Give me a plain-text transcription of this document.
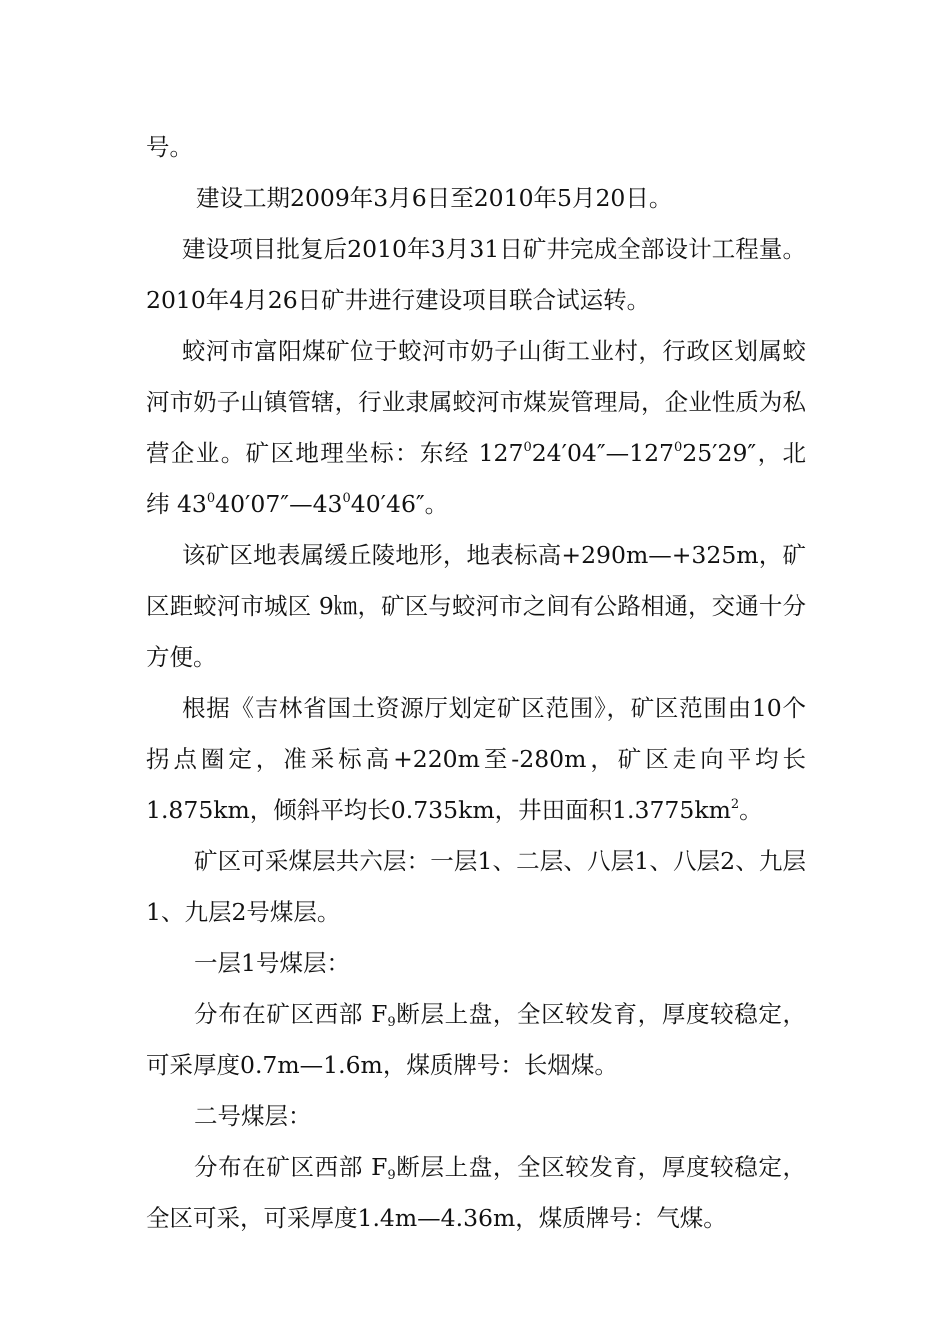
号。

建设工期2009年3月6日至2010年5月20日。

建设项目批复后2010年3月31日矿井完成全部设计工程量。2010年4月26日矿井进行建设项目联合试运转。

蛟河市富阳煤矿位于蛟河市奶子山街工业村，行政区划属蛟河市奶子山镇管辖，行业隶属蛟河市煤炭管理局，企业性质为私营企业。矿区地理坐标：东经 $127^024'04''—127^025'29''$，北纬 $43^040'07''—43^040'46''$。

该矿区地表属缓丘陵地形，地表标高+290m—+325m，矿区距蛟河市城区 9㎞，矿区与蛟河市之间有公路相通，交通十分方便。

根据《吉林省国土资源厅划定矿区范围》，矿区范围由10个拐点圈定，准采标高+220m至-280m，矿区走向平均长1.875km，倾斜平均长0.735km，井田面积$1.3775km^2$。

矿区可采煤层共六层：一层1、二层、八层1、八层2、九层1、九层2号煤层。

一层1号煤层：

分布在矿区西部 $F_9$断层上盘，全区较发育，厚度较稳定，可采厚度0.7m—1.6m，煤质牌号：长烟煤。

二号煤层：

分布在矿区西部 $F_9$断层上盘，全区较发育，厚度较稳定，全区可采，可采厚度1.4m—4.36m，煤质牌号：气煤。
